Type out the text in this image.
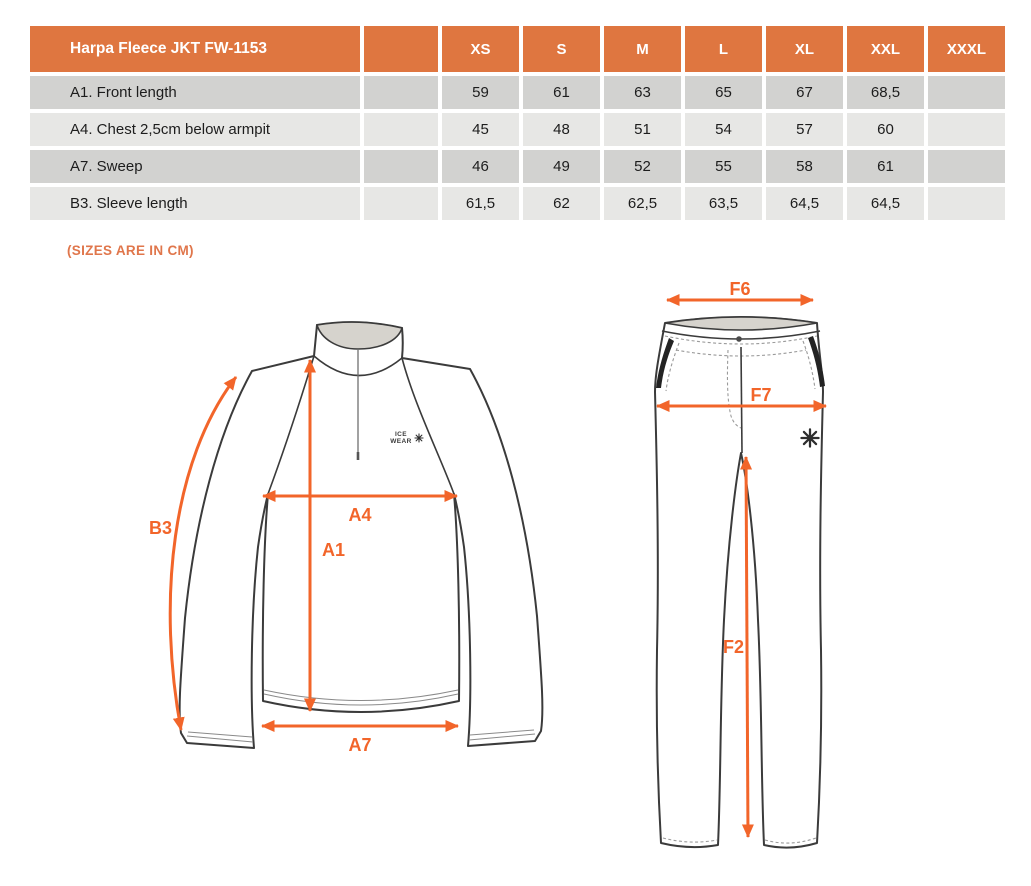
Harpa Fleece JKT FW-1153		XS	S	M	L	XL	XXL	XXXL
A1. Front length		59	61	63	65	67	68,5	
A4. Chest 2,5cm below armpit		45	48	51	54	57	60	
A7. Sweep		46	49	52	55	58	61	
B3. Sleeve length		61,5	62	62,5	63,5	64,5	64,5	
(SIZES ARE IN CM)
ICE
WEAR
B3
A4
A1
A7
F6
F7
F2
